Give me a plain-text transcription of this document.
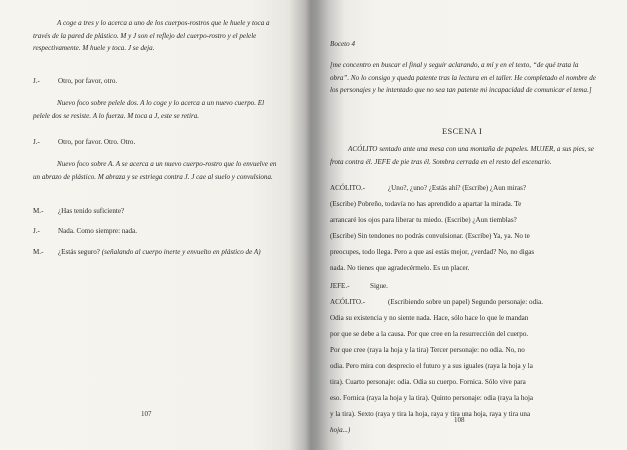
A coge a tres y lo acerca a uno de los cuerpos-rostros que le huele y toca a través de la pared de plástico. M y J son el reflejo del cuerpo-rostro y el pelele respectivamente. M huele y toca. J se deja.

J.-	Otro, por favor, otro.

Nuevo foco sobre pelele dos. A lo coge y lo acerca a un nuevo cuerpo. El pelele dos se resiste. A lo fuerza. M toca a J, este se retira.

J.-	Otro, por favor. Otro. Otro.

Nuevo foco sobre A. A se acerca a un nuevo cuerpo-rostro que lo envuelve en un abrazo de plástico. M abraza y se estriega contra J. J cae al suelo y convulsiona.

M.- ¿Has tenido suficiente?
J.-	Nada. Como siempre: nada.
M.- ¿Estás seguro? (señalando al cuerpo inerte y envuelto en plástico de A)

107
Boceto 4

[me concentro en buscar el final y seguir aclarando, a mí y en el texto, “de qué trata la obra”. No lo consigo y queda patente tras la lectura en el taller. He completado el nombre de los personajes y he intentado que no sea tan patente mi incapacidad de comunicar el tema.]

ESCENA I

ACÓLITO sentado ante una mesa con una montaña de papeles. MUJER, a sus pies, se frota contra él. JEFE de pie tras él. Sombra cerrada en el resto del escenario.

ACÓLITO.-	¿Uno?, ¿uno? ¿Estás ahí? (Escribe) ¿Aun miras?
(Escribe) Pobreño, todavía no has aprendido a apartar la mirada. Te
arrancaré los ojos para liberar tu miedo. (Escribe) ¿Aun tiemblas?
(Escribe) Sin tendones no podrás convulsionar. (Escribe) Ya, ya. No te
preocupes, todo llega. Pero a que así estás mejor, ¿verdad? No, no digas
nada. No tienes que agradecérmelo. Es un placer.
JEFE.-	Sigue.
ACÓLITO.-	(Escribiendo sobre un papel) Segundo personaje: odia.
Odia su existencia y no siente nada. Hace, sólo hace lo que le mandan
por que se debe a la causa. Por que cree en la resurrección del cuerpo.
Por que cree (raya la hoja y la tira) Tercer personaje: no odia. No, no
odia. Pero mira con desprecio el futuro y a sus iguales (raya la hoja y la
tira). Cuarto personaje: odia. Odia su cuerpo. Fornica. Sólo vive para
eso. Fornica (raya la hoja y la tira). Quinto personaje: odia (raya la hoja
y la tira). Sexto (raya y tira la hoja, raya y tira una hoja, raya y tira una
hoja...)
108
